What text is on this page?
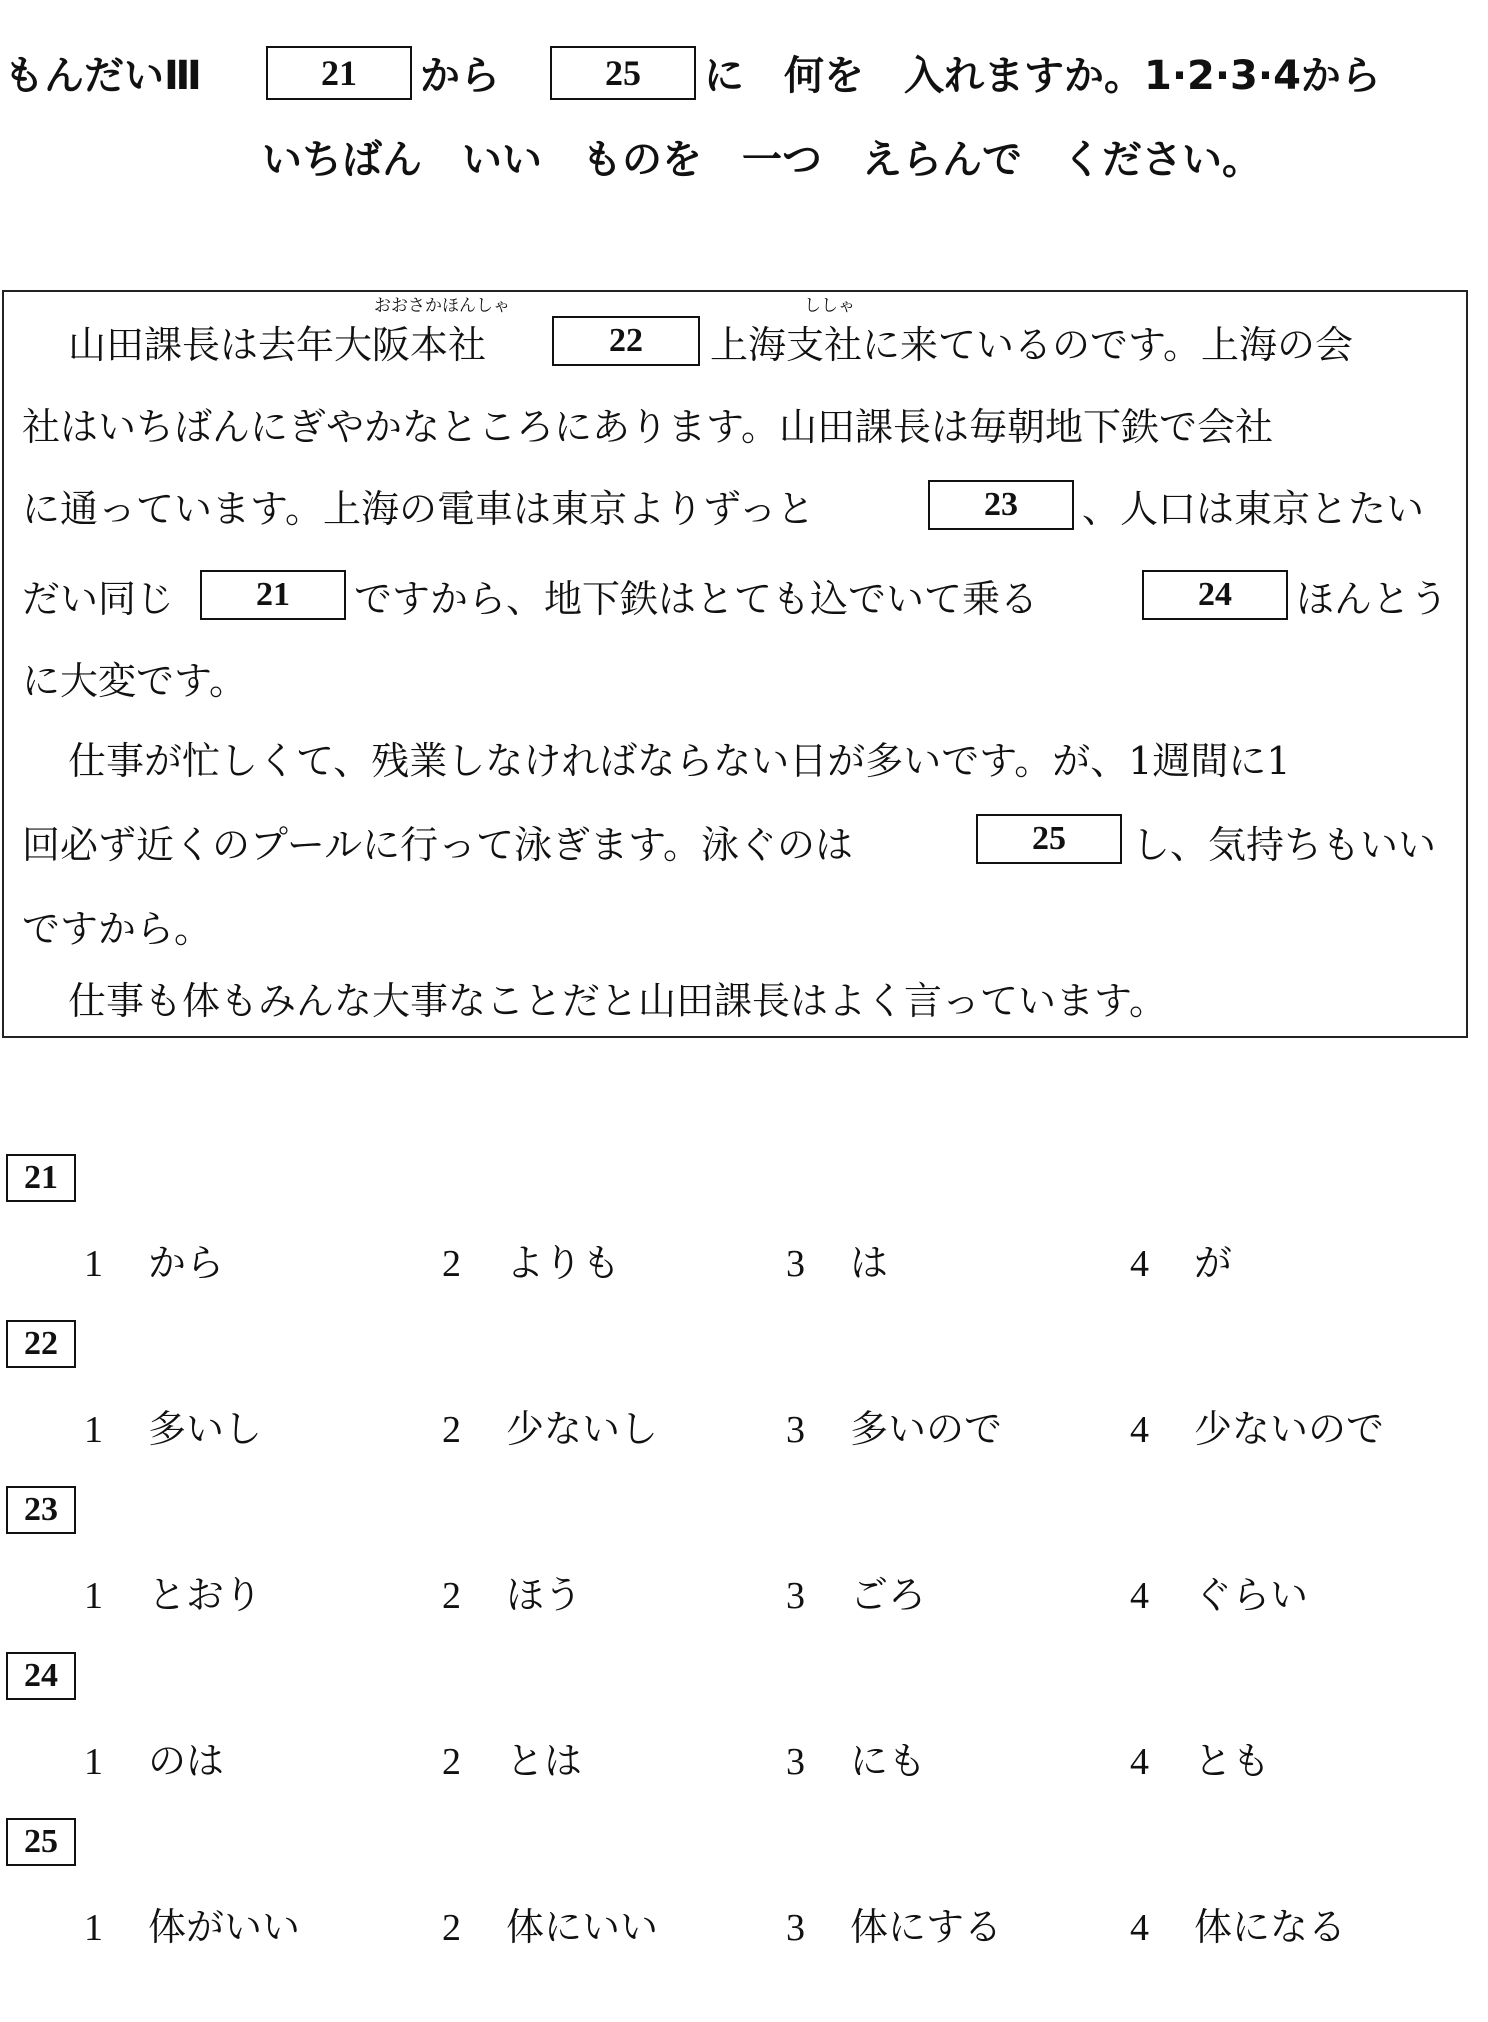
もんだいⅢ	21	から	25	に　何を　入れますか。1·2·3·4から
いちばん　いい　ものを　一つ　えらんで　ください。
おおさかほんしゃ	ししゃ
山田課長は去年大阪本社	22	上海支社に来ているのです。上海の会
社はいちばんにぎやかなところにあります。山田課長は毎朝地下鉄で会社
に通っています。上海の電車は東京よりずっと	23	、人口は東京とたい
だい同じ	21	ですから、地下鉄はとても込でいて乗る	24	ほんとう
に大変です。
仕事が忙しくて、残業しなければならない日が多いです。が、1週間に1
回必ず近くのプールに行って泳ぎます。泳ぐのは	25	し、気持ちもいい
ですから。
仕事も体もみんな大事なことだと山田課長はよく言っています。
21
1 から	2 よりも	3 は	4 が
22
1 多いし	2 少ないし	3 多いので	4 少ないので
23
1 とおり	2 ほう	3 ごろ	4 ぐらい
24
1 のは	2 とは	3 にも	4 とも
25
1 体がいい	2 体にいい	3 体にする	4 体になる
